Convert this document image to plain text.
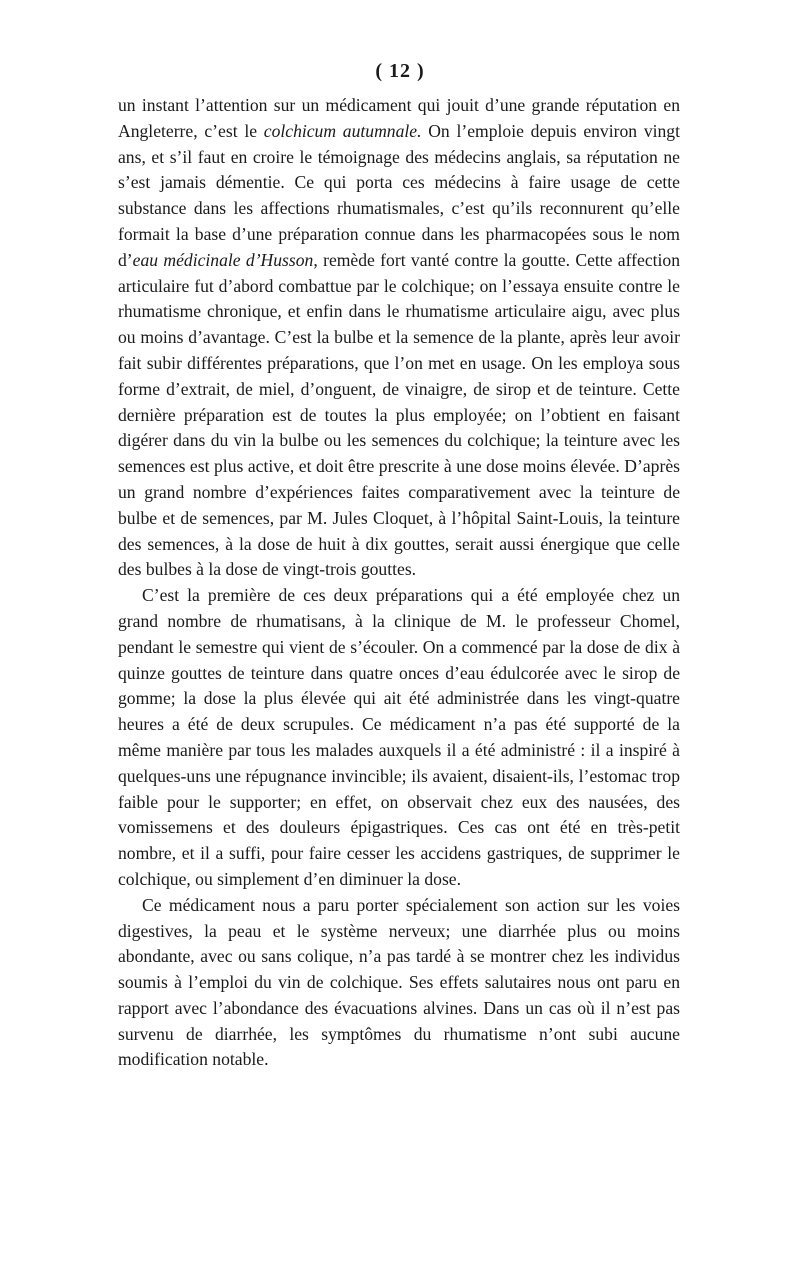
( 12 )

un instant l’attention sur un médicament qui jouit d’une grande réputation en Angleterre, c’est le colchicum autumnale. On l’emploie depuis environ vingt ans, et s’il faut en croire le témoignage des médecins anglais, sa réputation ne s’est jamais démentie. Ce qui porta ces médecins à faire usage de cette substance dans les affections rhumatismales, c’est qu’ils reconnurent qu’elle formait la base d’une préparation connue dans les pharmacopées sous le nom d’eau médicinale d’Husson, remède fort vanté contre la goutte. Cette affection articulaire fut d’abord combattue par le colchique; on l’essaya ensuite contre le rhumatisme chronique, et enfin dans le rhumatisme articulaire aigu, avec plus ou moins d’avantage. C’est la bulbe et la semence de la plante, après leur avoir fait subir différentes préparations, que l’on met en usage. On les employa sous forme d’extrait, de miel, d’onguent, de vinaigre, de sirop et de teinture. Cette dernière préparation est de toutes la plus employée; on l’obtient en faisant digérer dans du vin la bulbe ou les semences du colchique; la teinture avec les semences est plus active, et doit être prescrite à une dose moins élevée. D’après un grand nombre d’expériences faites comparativement avec la teinture de bulbe et de semences, par M. Jules Cloquet, à l’hôpital Saint-Louis, la teinture des semences, à la dose de huit à dix gouttes, serait aussi énergique que celle des bulbes à la dose de vingt-trois gouttes.

C’est la première de ces deux préparations qui a été employée chez un grand nombre de rhumatisans, à la clinique de M. le professeur Chomel, pendant le semestre qui vient de s’écouler. On a commencé par la dose de dix à quinze gouttes de teinture dans quatre onces d’eau édulcorée avec le sirop de gomme; la dose la plus élevée qui ait été administrée dans les vingt-quatre heures a été de deux scrupules. Ce médicament n’a pas été supporté de la même manière par tous les malades auxquels il a été administré : il a inspiré à quelques-uns une répugnance invincible; ils avaient, disaient-ils, l’estomac trop faible pour le supporter; en effet, on observait chez eux des nausées, des vomissemens et des douleurs épigastriques. Ces cas ont été en très-petit nombre, et il a suffi, pour faire cesser les accidens gastriques, de supprimer le colchique, ou simplement d’en diminuer la dose.

Ce médicament nous a paru porter spécialement son action sur les voies digestives, la peau et le système nerveux; une diarrhée plus ou moins abondante, avec ou sans colique, n’a pas tardé à se montrer chez les individus soumis à l’emploi du vin de colchique. Ses effets salutaires nous ont paru en rapport avec l’abondance des évacuations alvines. Dans un cas où il n’est pas survenu de diarrhée, les symptômes du rhumatisme n’ont subi aucune modification notable.
